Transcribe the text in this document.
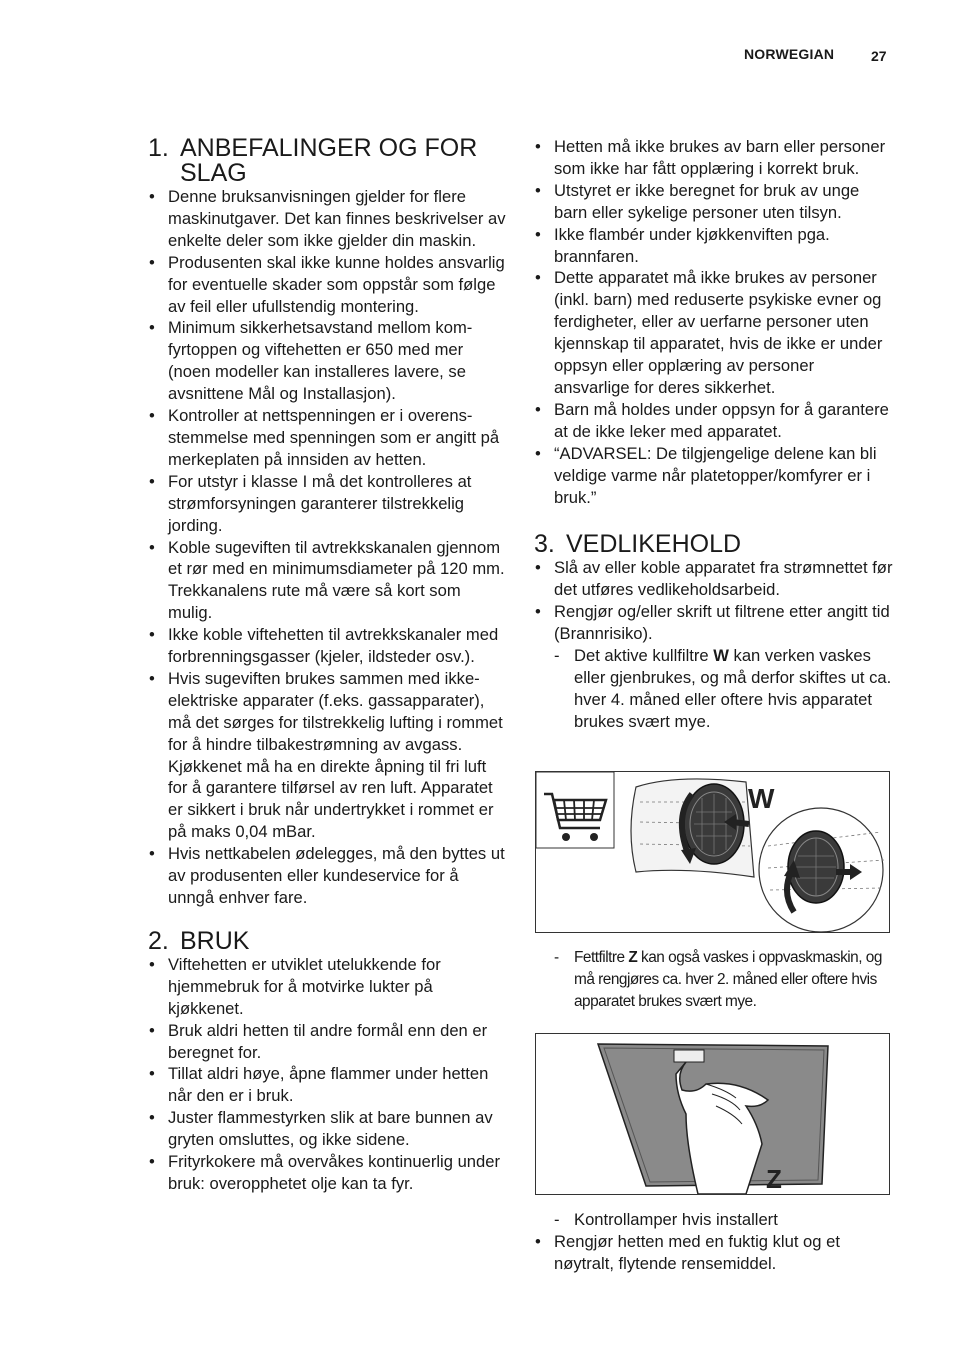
NORWEGIAN	27
1. ANBEFALINGER OG FOR SLAG
• Denne bruksanvisningen gjelder for flere maskinutgaver. Det kan finnes beskrivelser av enkelte deler som ikke gjelder din maskin.
• Produsenten skal ikke kunne holdes ansvarlig for eventuelle skader som oppstår som følge av feil eller ufullstendig montering.
• Minimum sikkerhetsavstand mellom komfyrtoppen og viftehetten er 650 med mer (noen modeller kan installeres lavere, se avsnittene Mål og Installasjon).
• Kontroller at nettspenningen er i overensstemmelse med spenningen som er angitt på merkeplaten på innsiden av hetten.
• For utstyr i klasse I må det kontrolleres at strømforsyningen garanterer tilstrekkelig jording.
• Koble sugeviften til avtrekkskanalen gjennom et rør med en minimumsdiameter på 120 mm. Trekkanalens rute må være så kort som mulig.
• Ikke koble viftehetten til avtrekkskanaler med forbrenningsgasser (kjeler, ildsteder osv.).
• Hvis sugeviften brukes sammen med ikke-elektriske apparater (f.eks. gassapparater), må det sørges for tilstrekkelig lufting i rommet for å hindre tilbakestrømning av avgass. Kjøkkenet må ha en direkte åpning til fri luft for å garantere tilførsel av ren luft. Apparatet er sikkert i bruk når undertrykket i rommet er på maks 0,04 mBar.
• Hvis nettkabelen ødelegges, må den byttes ut av produsenten eller kundeservice for å unngå enhver fare.
2. BRUK
• Viftehetten er utviklet utelukkende for hjemmebruk for å motvirke lukter på kjøkkenet.
• Bruk aldri hetten til andre formål enn den er beregnet for.
• Tillat aldri høye, åpne flammer under hetten når den er i bruk.
• Juster flammestyrken slik at bare bunnen av gryten omsluttes, og ikke sidene.
• Frityrkokere må overvåkes kontinuerlig under bruk: overopphetet olje kan ta fyr.
• Hetten må ikke brukes av barn eller personer som ikke har fått opplæring i korrekt bruk.
• Utstyret er ikke beregnet for bruk av unge barn eller sykelige personer uten tilsyn.
• Ikke flambér under kjøkkenviften pga. brannfaren.
• Dette apparatet må ikke brukes av personer (inkl. barn) med reduserte psykiske evner og ferdigheter, eller av uerfarne personer uten kjennskap til apparatet, hvis de ikke er under oppsyn eller opplæring av personer ansvarlige for deres sikkerhet.
• Barn må holdes under oppsyn for å garantere at de ikke leker med apparatet.
• “ADVARSEL: De tilgjengelige delene kan bli veldige varme når platetopper/komfyrer er i bruk.”
3. VEDLIKEHOLD
• Slå av eller koble apparatet fra strømnettet før det utføres vedlikeholdsarbeid.
• Rengjør og/eller skrift ut filtrene etter angitt tid (Brannrisiko).
- Det aktive kullfiltre W kan verken vaskes eller gjenbrukes, og må derfor skiftes ut ca. hver 4. måned eller oftere hvis apparatet brukes svært mye.
W
- Fettfiltre Z kan også vaskes i oppvaskmaskin, og må rengjøres ca. hver 2. måned eller oftere hvis apparatet brukes svært mye.
Z
- Kontrollamper hvis installert
• Rengjør hetten med en fuktig klut og et nøytralt, flytende rensemiddel.
